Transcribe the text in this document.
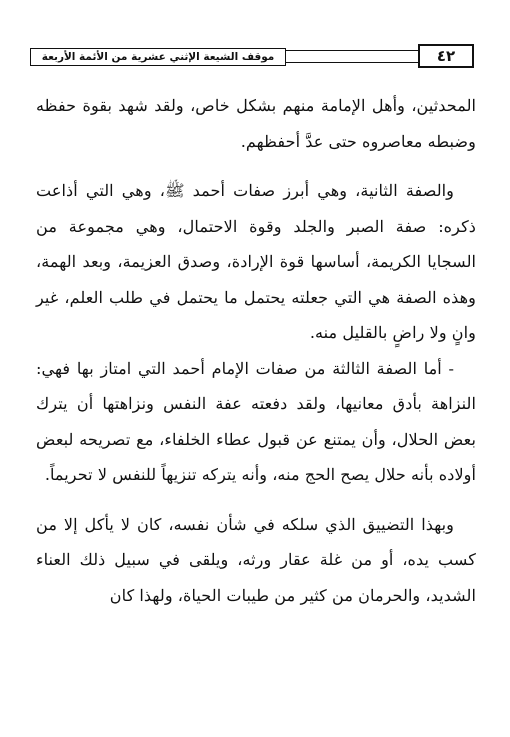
٤٢
موقف الشيعة الإثني عشرية من الأئمة الأربعة

المحدثين، وأهل الإمامة منهم بشكل خاص، ولقد شهد بقوة حفظه وضبطه معاصروه حتى عدَّ أحفظهم.

والصفة الثانية، وهي أبرز صفات أحمد ﷺ، وهي التي أذاعت ذكره: صفة الصبر والجلد وقوة الاحتمال، وهي مجموعة من السجايا الكريمة، أساسها قوة الإرادة، وصدق العزيمة، وبعد الهمة، وهذه الصفة هي التي جعلته يحتمل ما يحتمل في طلب العلم، غير وانٍ ولا راضٍ بالقليل منه.

- أما الصفة الثالثة من صفات الإمام أحمد التي امتاز بها فهي: النزاهة بأدق معانيها، ولقد دفعته عفة النفس ونزاهتها أن يترك بعض الحلال، وأن يمتنع عن قبول عطاء الخلفاء، مع تصريحه لبعض أولاده بأنه حلال يصح الحج منه، وأنه يتركه تنزيهاً للنفس لا تحريماً.

وبهذا التضييق الذي سلكه في شأن نفسه، كان لا يأكل إلا من كسب يده، أو من غلة عقار ورثه، ويلقى في سبيل ذلك العناء الشديد، والحرمان من كثير من طيبات الحياة، ولهذا كان
